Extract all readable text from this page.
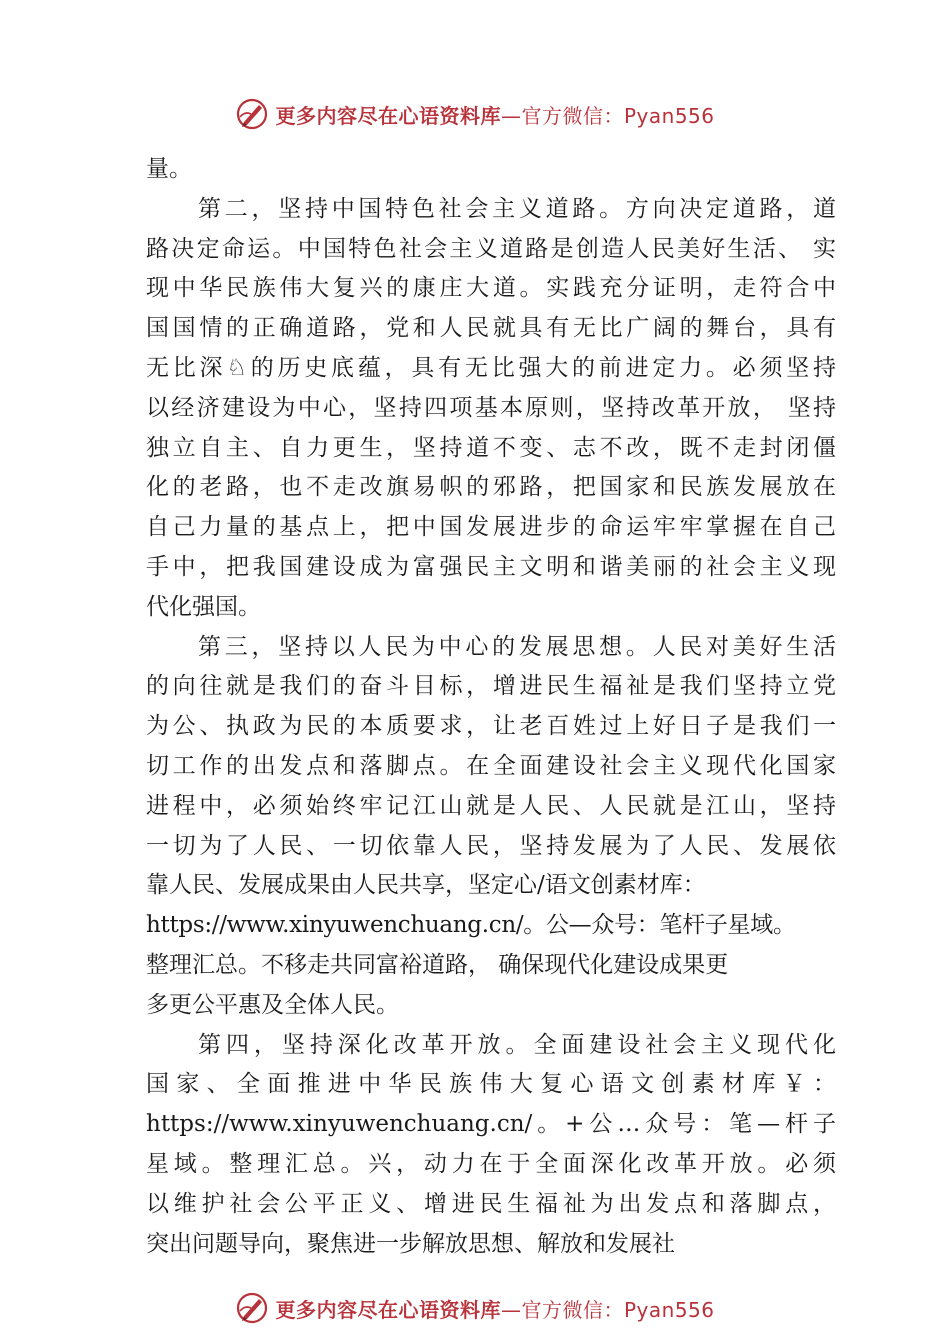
更多内容尽在心语资料库—官方微信：Pyan556
量。
第二，坚持中国特色社会主义道路。方向决定道路，道
路决定命运。中国特色社会主义道路是创造人民美好生活、 实
现中华民族伟大复兴的康庄大道。实践充分证明，走符合中
国国情的正确道路，党和人民就具有无比广阔的舞台，具有
无比深♘的历史底蕴，具有无比强大的前进定力。必须坚持
以经济建设为中心，坚持四项基本原则，坚持改革开放， 坚持
独立自主、自力更生，坚持道不变、志不改，既不走封闭僵
化的老路，也不走改旗易帜的邪路，把国家和民族发展放在
自己力量的基点上，把中国发展进步的命运牢牢掌握在自己
手中，把我国建设成为富强民主文明和谐美丽的社会主义现
代化强国。
第三，坚持以人民为中心的发展思想。人民对美好生活
的向往就是我们的奋斗目标，增进民生福祉是我们坚持立党
为公、执政为民的本质要求，让老百姓过上好日子是我们一
切工作的出发点和落脚点。在全面建设社会主义现代化国家
进程中，必须始终牢记江山就是人民、人民就是江山，坚持
一切为了人民、一切依靠人民，坚持发展为了人民、发展依
靠人民、发展成果由人民共享，坚定心/语文创素材库：
https://www.xinyuwenchuang.cn/。公—众号：笔杆子星域。
整理汇总。不移走共同富裕道路， 确保现代化建设成果更
多更公平惠及全体人民。
第四，坚持深化改革开放。全面建设社会主义现代化
国家、全面推进中华民族伟大复心语文创素材库￥：
https://www.xinyuwenchuang.cn/。+公…众号：笔—杆子
星域。整理汇总。兴，动力在于全面深化改革开放。必须
以维护社会公平正义、增进民生福祉为出发点和落脚点，
突出问题导向，聚焦进一步解放思想、解放和发展社
更多内容尽在心语资料库—官方微信：Pyan556
